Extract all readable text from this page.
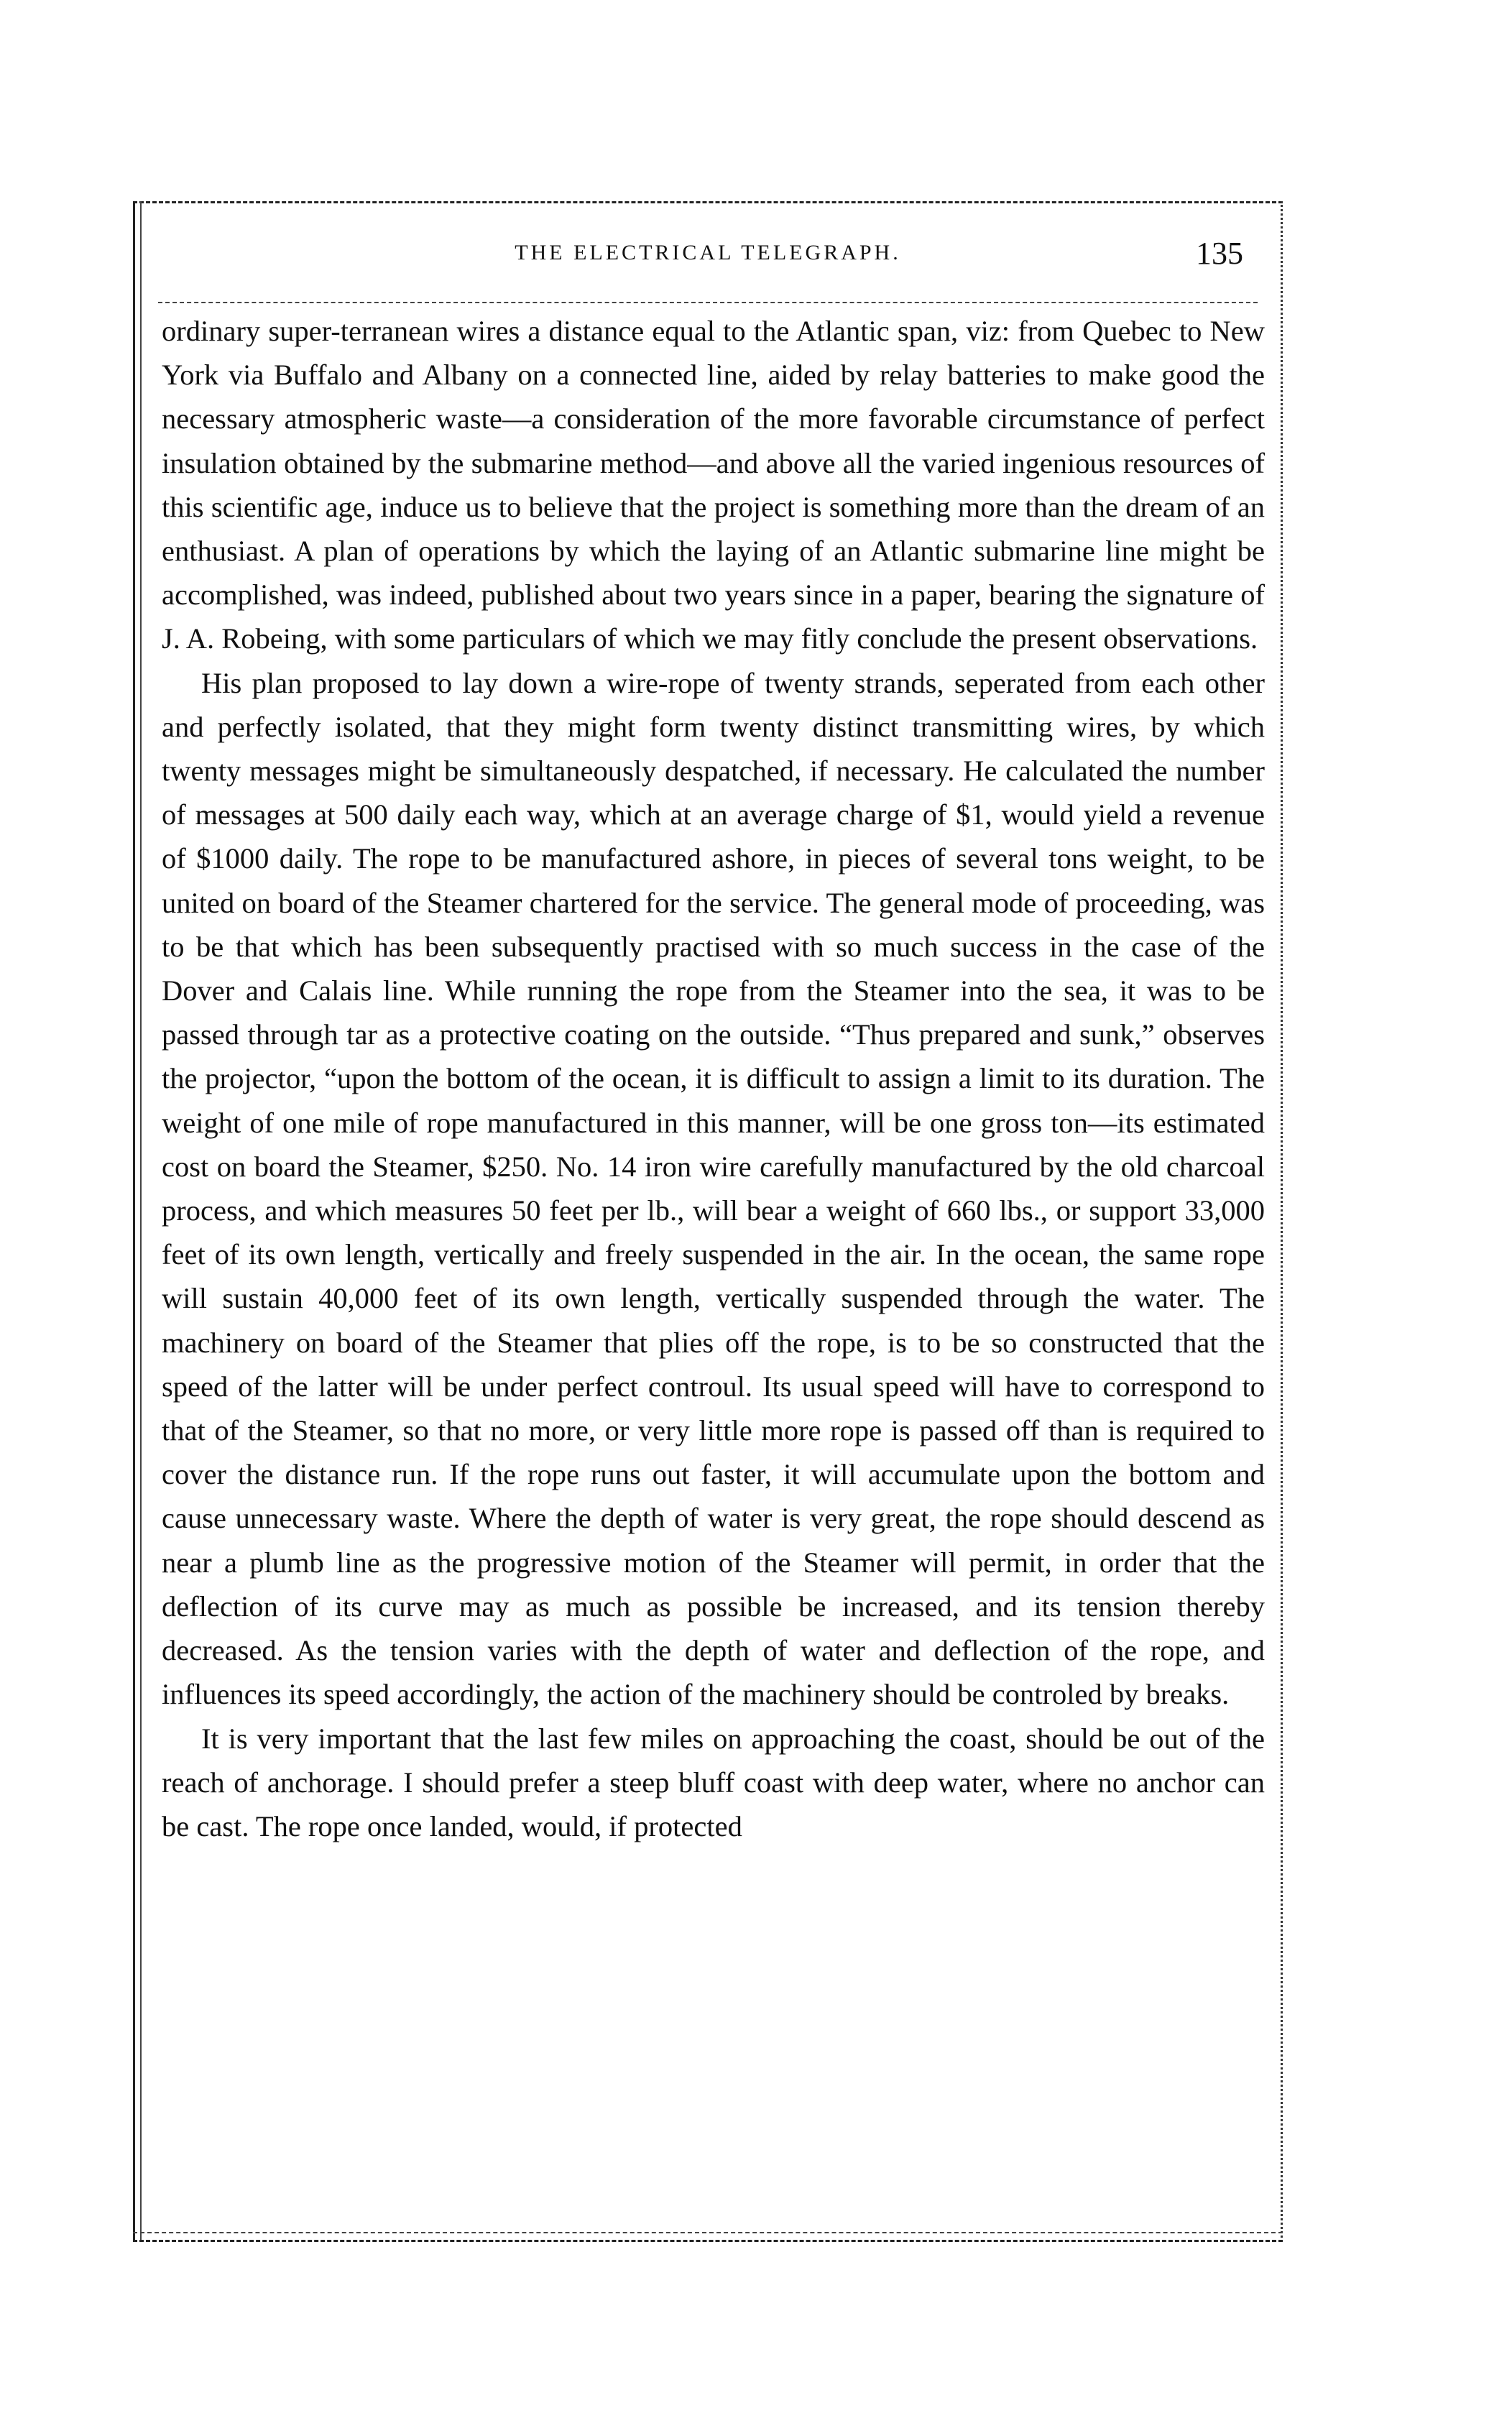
THE ELECTRICAL TELEGRAPH.	135

ordinary super-terranean wires a distance equal to the Atlantic span, viz: from Quebec to New York via Buffalo and Albany on a connected line, aided by relay batteries to make good the necessary atmospheric waste—a consideration of the more favorable circumstance of perfect insulation obtained by the submarine method—and above all the varied ingenious resources of this scientific age, induce us to believe that the project is something more than the dream of an enthusiast. A plan of operations by which the laying of an Atlantic submarine line might be accomplished, was indeed, published about two years since in a paper, bearing the signature of J. A. Robeing, with some particulars of which we may fitly conclude the present observations.

His plan proposed to lay down a wire-rope of twenty strands, seperated from each other and perfectly isolated, that they might form twenty distinct transmitting wires, by which twenty messages might be simultaneously despatched, if necessary. He calculated the number of messages at 500 daily each way, which at an average charge of $1, would yield a revenue of $1000 daily. The rope to be manufactured ashore, in pieces of several tons weight, to be united on board of the Steamer chartered for the service. The general mode of proceeding, was to be that which has been subsequently practised with so much success in the case of the Dover and Calais line. While running the rope from the Steamer into the sea, it was to be passed through tar as a protective coating on the outside. “Thus prepared and sunk,” observes the projector, “upon the bottom of the ocean, it is difficult to assign a limit to its duration. The weight of one mile of rope manufactured in this manner, will be one gross ton—its estimated cost on board the Steamer, $250. No. 14 iron wire carefully manufactured by the old charcoal process, and which measures 50 feet per lb., will bear a weight of 660 lbs., or support 33,000 feet of its own length, vertically and freely suspended in the air. In the ocean, the same rope will sustain 40,000 feet of its own length, vertically suspended through the water. The machinery on board of the Steamer that plies off the rope, is to be so constructed that the speed of the latter will be under perfect controul. Its usual speed will have to correspond to that of the Steamer, so that no more, or very little more rope is passed off than is required to cover the distance run. If the rope runs out faster, it will accumulate upon the bottom and cause unnecessary waste. Where the depth of water is very great, the rope should descend as near a plumb line as the progressive motion of the Steamer will permit, in order that the deflection of its curve may as much as possible be increased, and its tension thereby decreased. As the tension varies with the depth of water and deflection of the rope, and influences its speed accordingly, the action of the machinery should be controled by breaks.

It is very important that the last few miles on approaching the coast, should be out of the reach of anchorage. I should prefer a steep bluff coast with deep water, where no anchor can be cast. The rope once landed, would, if protected
